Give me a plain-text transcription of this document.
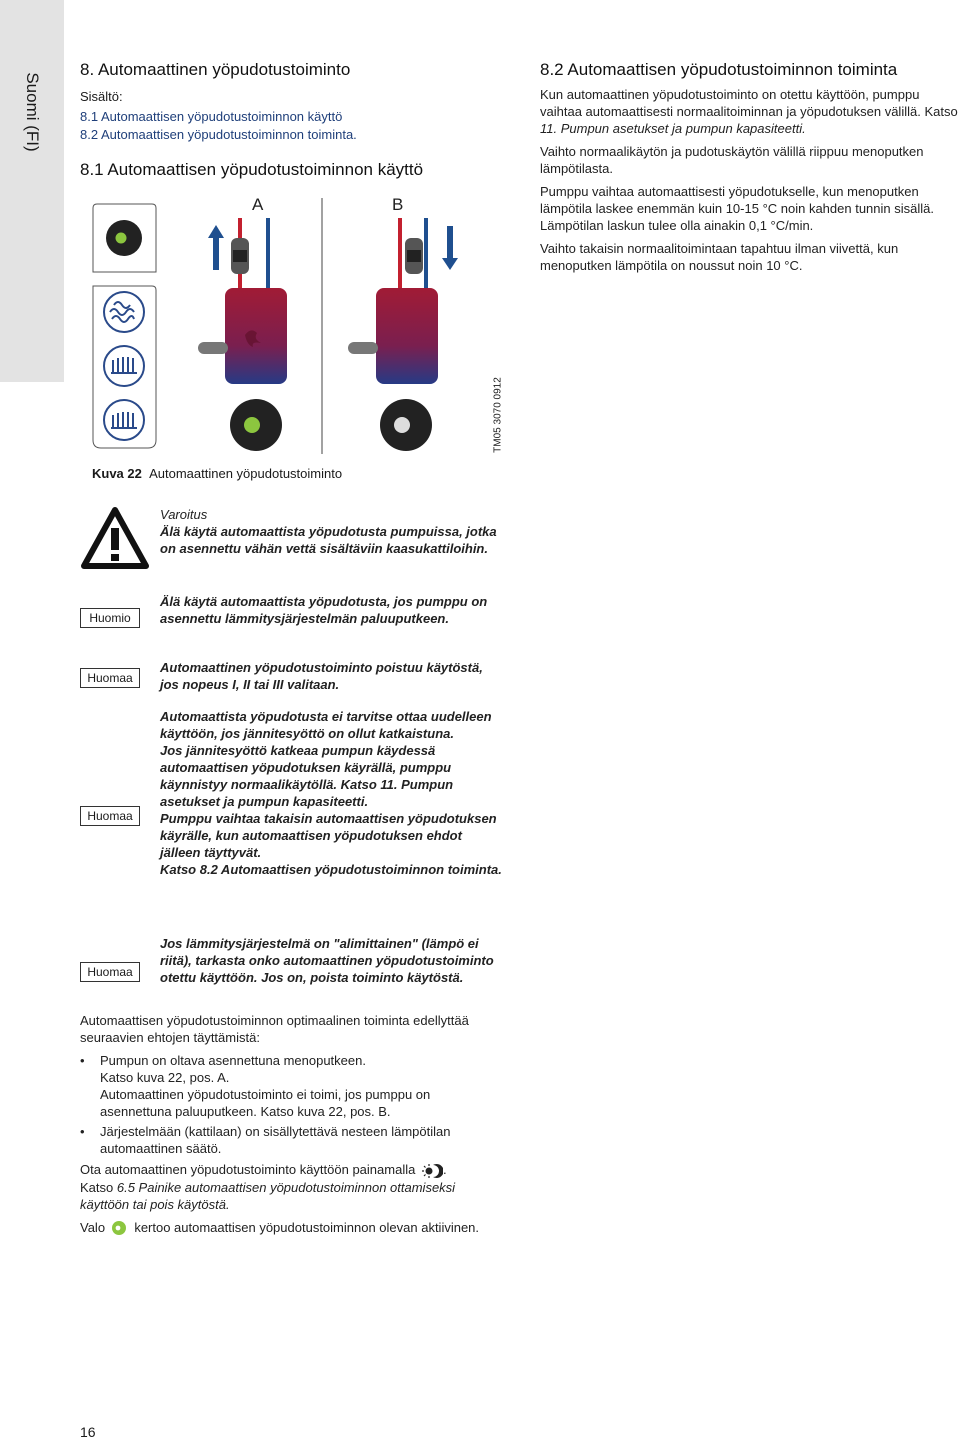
Suomi (FI)
8. Automaattinen yöpudotustoiminto
Sisältö:
8.1 Automaattisen yöpudotustoiminnon käyttö
8.2 Automaattisen yöpudotustoiminnon toiminta.
8.1 Automaattisen yöpudotustoiminnon käyttö
A	B
TM05 3070 0912
Kuva 22 Automaattinen yöpudotustoiminto
8.2 Automaattisen yöpudotustoiminnon toiminta

Kun automaattinen yöpudotustoiminto on otettu käyttöön, pumppu vaihtaa automaattisesti normaalitoiminnan ja yöpudotuksen välillä. Katso 11. Pumpun asetukset ja pumpun kapasiteetti.

Vaihto normaalikäytön ja pudotuskäytön välillä riippuu menoputken lämpötilasta.

Pumppu vaihtaa automaattisesti yöpudotukselle, kun menoputken lämpötila laskee enemmän kuin 10-15 °C noin kahden tunnin sisällä. Lämpötilan laskun tulee olla ainakin 0,1 °C/min.

Vaihto takaisin normaalitoimintaan tapahtuu ilman viivettä, kun menoputken lämpötila on noussut noin 10 °C.

Varoitus

Älä käytä automaattista yöpudotusta pumpuissa, jotka on asennettu vähän vettä sisältäviin kaasukattiloihin.

Huomio
Älä käytä automaattista yöpudotusta, jos pumppu on asennettu lämmitysjärjestelmän paluuputkeen.
Huomaa
Automaattinen yöpudotustoiminto poistuu käytöstä, jos nopeus I, II tai III valitaan.
Huomaa

Automaattista yöpudotusta ei tarvitse ottaa uudelleen käyttöön, jos jännitesyöttö on ollut katkaistuna.

Jos jännitesyöttö katkeaa pumpun käydessä automaattisen yöpudotuksen käyrällä, pumppu käynnistyy normaalikäytöllä. Katso 11. Pumpun asetukset ja pumpun kapasiteetti.

Pumppu vaihtaa takaisin automaattisen yöpudotuksen käyrälle, kun automaattisen yöpudotuksen ehdot jälleen täyttyvät.

Katso 8.2 Automaattisen yöpudotustoiminnon toiminta.

Huomaa
Jos lämmitysjärjestelmä on "alimittainen" (lämpö ei riitä), tarkasta onko automaattinen yöpudotustoiminto otettu käyttöön. Jos on, poista toiminto käytöstä.

Automaattisen yöpudotustoiminnon optimaalinen toiminta edellyttää seuraavien ehtojen täyttämistä:

• Pumpun on oltava asennettuna menoputkeen.
Katso kuva 22, pos. A.
Automaattinen yöpudotustoiminto ei toimi, jos pumppu on asennettuna paluuputkeen. Katso kuva 22, pos. B.
• Järjestelmään (kattilaan) on sisällytettävä nesteen lämpötilan automaattinen säätö.

Ota automaattinen yöpudotustoiminto käyttöön painamalla .

Katso 6.5 Painike automaattisen yöpudotustoiminnon ottamiseksi käyttöön tai pois käytöstä.

Valo kertoo automaattisen yöpudotustoiminnon olevan aktiivinen.

16
